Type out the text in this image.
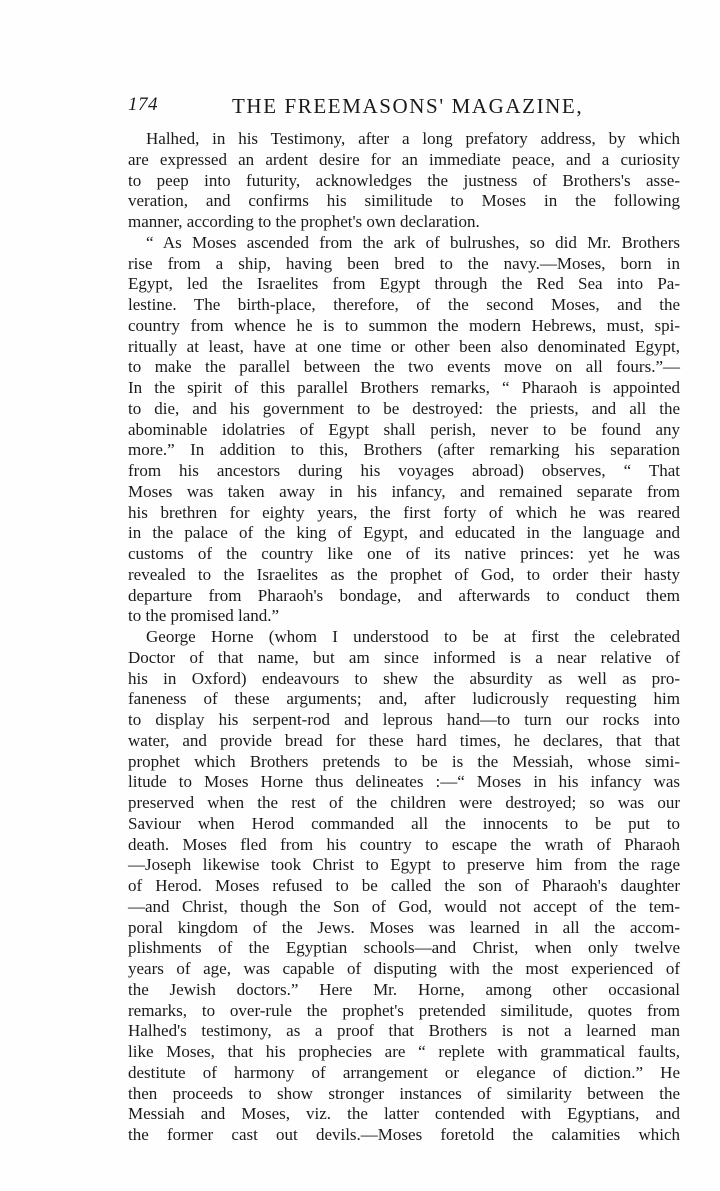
174	THE FREEMASONS' MAGAZINE,
Halhed, in his Testimony, after a long prefatory address, by which
are expressed an ardent desire for an immediate peace, and a curiosity
to peep into futurity, acknowledges the justness of Brothers's asse-
veration, and confirms his similitude to Moses in the following
manner, according to the prophet's own declaration.
“ As Moses ascended from the ark of bulrushes, so did Mr. Brothers
rise from a ship, having been bred to the navy.—Moses, born in
Egypt, led the Israelites from Egypt through the Red Sea into Pa-
lestine. The birth-place, therefore, of the second Moses, and the
country from whence he is to summon the modern Hebrews, must, spi-
ritually at least, have at one time or other been also denominated Egypt,
to make the parallel between the two events move on all fours.”—
In the spirit of this parallel Brothers remarks, “ Pharaoh is appointed
to die, and his government to be destroyed: the priests, and all the
abominable idolatries of Egypt shall perish, never to be found any
more.” In addition to this, Brothers (after remarking his separation
from his ancestors during his voyages abroad) observes, “ That
Moses was taken away in his infancy, and remained separate from
his brethren for eighty years, the first forty of which he was reared
in the palace of the king of Egypt, and educated in the language and
customs of the country like one of its native princes: yet he was
revealed to the Israelites as the prophet of God, to order their hasty
departure from Pharaoh's bondage, and afterwards to conduct them
to the promised land.”
George Horne (whom I understood to be at first the celebrated
Doctor of that name, but am since informed is a near relative of
his in Oxford) endeavours to shew the absurdity as well as pro-
faneness of these arguments; and, after ludicrously requesting him
to display his serpent-rod and leprous hand—to turn our rocks into
water, and provide bread for these hard times, he declares, that that
prophet which Brothers pretends to be is the Messiah, whose simi-
litude to Moses Horne thus delineates :—“ Moses in his infancy was
preserved when the rest of the children were destroyed; so was our
Saviour when Herod commanded all the innocents to be put to
death. Moses fled from his country to escape the wrath of Pharaoh
—Joseph likewise took Christ to Egypt to preserve him from the rage
of Herod. Moses refused to be called the son of Pharaoh's daughter
—and Christ, though the Son of God, would not accept of the tem-
poral kingdom of the Jews. Moses was learned in all the accom-
plishments of the Egyptian schools—and Christ, when only twelve
years of age, was capable of disputing with the most experienced of
the Jewish doctors.” Here Mr. Horne, among other occasional
remarks, to over-rule the prophet's pretended similitude, quotes from
Halhed's testimony, as a proof that Brothers is not a learned man
like Moses, that his prophecies are “ replete with grammatical faults,
destitute of harmony of arrangement or elegance of diction.” He
then proceeds to show stronger instances of similarity between the
Messiah and Moses, viz. the latter contended with Egyptians, and
the former cast out devils.—Moses foretold the calamities which
